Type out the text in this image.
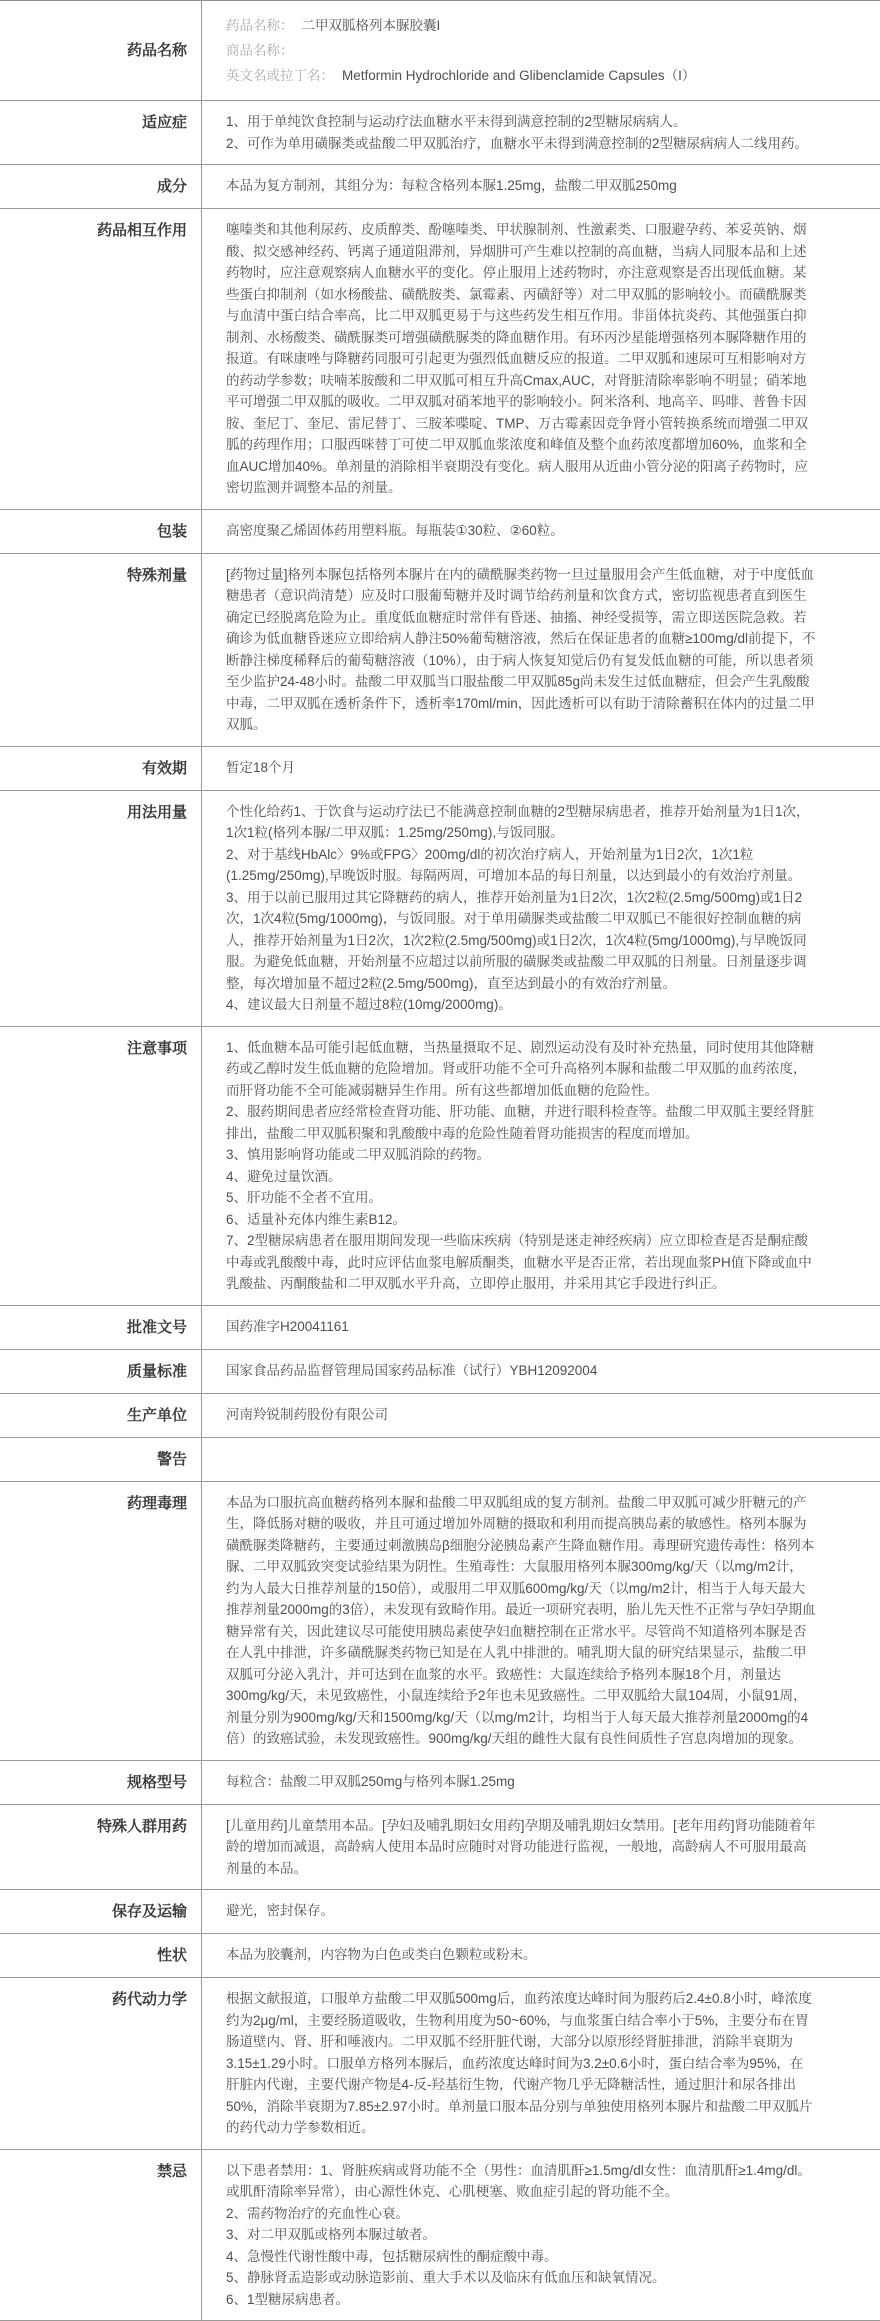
药品名称
药品名称： 二甲双胍格列本脲胶囊I
商品名称：
英文名或拉丁名： Metformin Hydrochloride and Glibenclamide Capsules（I）
适应症	1、用于单纯饮食控制与运动疗法血糖水平未得到满意控制的2型糖尿病病人。

2、可作为单用磺脲类或盐酸二甲双胍治疗，血糖水平未得到满意控制的2型糖尿病病人二线用药。

成分	本品为复方制剂，其组分为：每粒含格列本脲1.25mg，盐酸二甲双胍250mg

药品相互作用	噻嗪类和其他利尿药、皮质醇类、酚噻嗪类、甲状腺制剂、性激素类、口服避孕药、苯妥英钠、烟酸、拟交感神经药、钙离子通道阻滞剂，异烟肼可产生难以控制的高血糖，当病人同服本品和上述药物时，应注意观察病人血糖水平的变化。停止服用上述药物时，亦注意观察是否出现低血糖。某些蛋白抑制剂（如水杨酸盐、磺酰胺类、氯霉素、丙磺舒等）对二甲双胍的影响较小。而磺酰脲类与血清中蛋白结合率高，比二甲双胍更易于与这些药发生相互作用。非甾体抗炎药、其他强蛋白抑制剂、水杨酸类、磺酰脲类可增强磺酰脲类的降血糖作用。有环丙沙星能增强格列本脲降糖作用的报道。有咪康唑与降糖药同服可引起更为强烈低血糖反应的报道。二甲双胍和速尿可互相影响对方的药动学参数；呋喃苯胺酸和二甲双胍可相互升高Cmax,AUC，对肾脏清除率影响不明显；硝苯地平可增强二甲双胍的吸收。二甲双胍对硝苯地平的影响较小。阿米洛利、地高辛、吗啡、普鲁卡因胺、奎尼丁、奎尼、雷尼替丁、三胺苯喋啶、TMP、万古霉素因竞争肾小管转换系统而增强二甲双胍的药理作用；口服西咪替丁可使二甲双胍血浆浓度和峰值及整个血药浓度都增加60%，血浆和全血AUC增加40%。单剂量的消除相半衰期没有变化。病人服用从近曲小管分泌的阳离子药物时，应密切监测并调整本品的剂量。

包装	高密度聚乙烯固体药用塑料瓶。每瓶装①30粒、②60粒。

特殊剂量	[药物过量]格列本脲包括格列本脲片在内的磺酰脲类药物一旦过量服用会产生低血糖，对于中度低血糖患者（意识尚清楚）应及时口服葡萄糖并及时调节给药剂量和饮食方式，密切监视患者直到医生确定已经脱离危险为止。重度低血糖症时常伴有昏迷、抽搐、神经受损等，需立即送医院急救。若确诊为低血糖昏迷应立即给病人静注50%葡萄糖溶液，然后在保证患者的血糖≥100mg/dl前提下，不断静注梯度稀释后的葡萄糖溶液（10%），由于病人恢复知觉后仍有复发低血糖的可能，所以患者须至少监护24-48小时。盐酸二甲双胍当口服盐酸二甲双胍85g尚未发生过低血糖症，但会产生乳酸酸中毒，二甲双胍在透析条件下，透析率170ml/min，因此透析可以有助于清除蓄积在体内的过量二甲双胍。

有效期	暂定18个月

用法用量	个性化给药1、于饮食与运动疗法已不能满意控制血糖的2型糖尿病患者，推荐开始剂量为1日1次，1次1粒(格列本脲/二甲双胍：1.25mg/250mg),与饭同服。

2、对于基线HbAlc〉9%或FPG〉200mg/dl的初次治疗病人，开始剂量为1日2次，1次1粒(1.25mg/250mg),早晚饭时服。每隔两周，可增加本品的每日剂量，以达到最小的有效治疗剂量。

3、用于以前已服用过其它降糖药的病人，推荐开始剂量为1日2次，1次2粒(2.5mg/500mg)或1日2次，1次4粒(5mg/1000mg)，与饭同服。对于单用磺脲类或盐酸二甲双胍已不能很好控制血糖的病人，推荐开始剂量为1日2次，1次2粒(2.5mg/500mg)或1日2次，1次4粒(5mg/1000mg),与早晚饭同服。为避免低血糖，开始剂量不应超过以前所服的磺脲类或盐酸二甲双胍的日剂量。日剂量逐步调整，每次增加量不超过2粒(2.5mg/500mg)，直至达到最小的有效治疗剂量。

4、建议最大日剂量不超过8粒(10mg/2000mg)。

注意事项	1、低血糖本品可能引起低血糖，当热量摄取不足、剧烈运动没有及时补充热量，同时使用其他降糖药或乙醇时发生低血糖的危险增加。肾或肝功能不全可升高格列本脲和盐酸二甲双胍的血药浓度，而肝肾功能不全可能减弱糖异生作用。所有这些都增加低血糖的危险性。

2、服药期间患者应经常检查肾功能、肝功能、血糖，并进行眼科检查等。盐酸二甲双胍主要经肾脏排出，盐酸二甲双胍积聚和乳酸酸中毒的危险性随着肾功能损害的程度而增加。

3、慎用影响肾功能或二甲双胍消除的药物。

4、避免过量饮酒。

5、肝功能不全者不宜用。

6、适量补充体内维生素B12。

7、2型糖尿病患者在服用期间发现一些临床疾病（特别是迷走神经疾病）应立即检查是否是酮症酸中毒或乳酸酸中毒，此时应评估血浆电解质酮类，血糖水平是否正常，若出现血浆PH值下降或血中乳酸盐、丙酮酸盐和二甲双胍水平升高，立即停止服用，并采用其它手段进行纠正。

批准文号	国药准字H20041161

质量标准	国家食品药品监督管理局国家药品标准（试行）YBH12092004

生产单位	河南羚锐制药股份有限公司

警告

药理毒理	本品为口服抗高血糖药格列本脲和盐酸二甲双胍组成的复方制剂。盐酸二甲双胍可减少肝糖元的产生，降低肠对糖的吸收，并且可通过增加外周糖的摄取和利用而提高胰岛素的敏感性。格列本脲为磺酰脲类降糖药，主要通过刺激胰岛β细胞分泌胰岛素产生降血糖作用。毒理研究遗传毒性：格列本脲、二甲双胍致突变试验结果为阴性。生殖毒性：大鼠服用格列本脲300mg/kg/天（以mg/m2计，约为人最大日推荐剂量的150倍），或服用二甲双胍600mg/kg/天（以mg/m2计，相当于人每天最大推荐剂量2000mg的3倍），未发现有致畸作用。最近一项研究表明，胎儿先天性不正常与孕妇孕期血糖异常有关，因此建议尽可能使用胰岛素使孕妇血糖控制在正常水平。尽管尚不知道格列本脲是否在人乳中排泄，许多磺酰脲类药物已知是在人乳中排泄的。哺乳期大鼠的研究结果显示，盐酸二甲双胍可分泌入乳汁，并可达到在血浆的水平。致癌性：大鼠连续给予格列本脲18个月，剂量达300mg/kg/天，未见致癌性，小鼠连续给予2年也未见致癌性。二甲双胍给大鼠104周，小鼠91周，剂量分别为900mg/kg/天和1500mg/kg/天（以mg/m2计，均相当于人每天最大推荐剂量2000mg的4倍）的致癌试验，未发现致癌性。900mg/kg/天组的雌性大鼠有良性间质性子宫息肉增加的现象。

规格型号	每粒含：盐酸二甲双胍250mg与格列本脲1.25mg

特殊人群用药	[儿童用药]儿童禁用本品。[孕妇及哺乳期妇女用药]孕期及哺乳期妇女禁用。[老年用药]肾功能随着年龄的增加而减退，高龄病人使用本品时应随时对肾功能进行监视，一般地，高龄病人不可服用最高剂量的本品。

保存及运输	避光，密封保存。

性状	本品为胶囊剂，内容物为白色或类白色颗粒或粉末。

药代动力学	根据文献报道，口服单方盐酸二甲双胍500mg后，血药浓度达峰时间为服药后2.4±0.8小时，峰浓度约为2μg/ml，主要经肠道吸收，生物利用度为50~60%，与血浆蛋白结合率小于5%，主要分布在胃肠道壁内、肾、肝和唾液内。二甲双胍不经肝脏代谢，大部分以原形经肾脏排泄，消除半衰期为3.15±1.29小时。口服单方格列本脲后，血药浓度达峰时间为3.2±0.6小时，蛋白结合率为95%，在肝脏内代谢，主要代谢产物是4-反-羟基衍生物，代谢产物几乎无降糖活性，通过胆汁和尿各排出50%，消除半衰期为7.85±2.97小时。单剂量口服本品分别与单独使用格列本脲片和盐酸二甲双胍片的药代动力学参数相近。

禁忌	以下患者禁用：1、肾脏疾病或肾功能不全（男性：血清肌酐≥1.5mg/dl女性：血清肌酐≥1.4mg/dl。或肌酐清除率异常），由心源性休克、心肌梗塞、败血症引起的肾功能不全。

2、需药物治疗的充血性心衰。

3、对二甲双胍或格列本脲过敏者。

4、急慢性代谢性酸中毒，包括糖尿病性的酮症酸中毒。

5、静脉肾盂造影或动脉造影前、重大手术以及临床有低血压和缺氧情况。

6、1型糖尿病患者。
